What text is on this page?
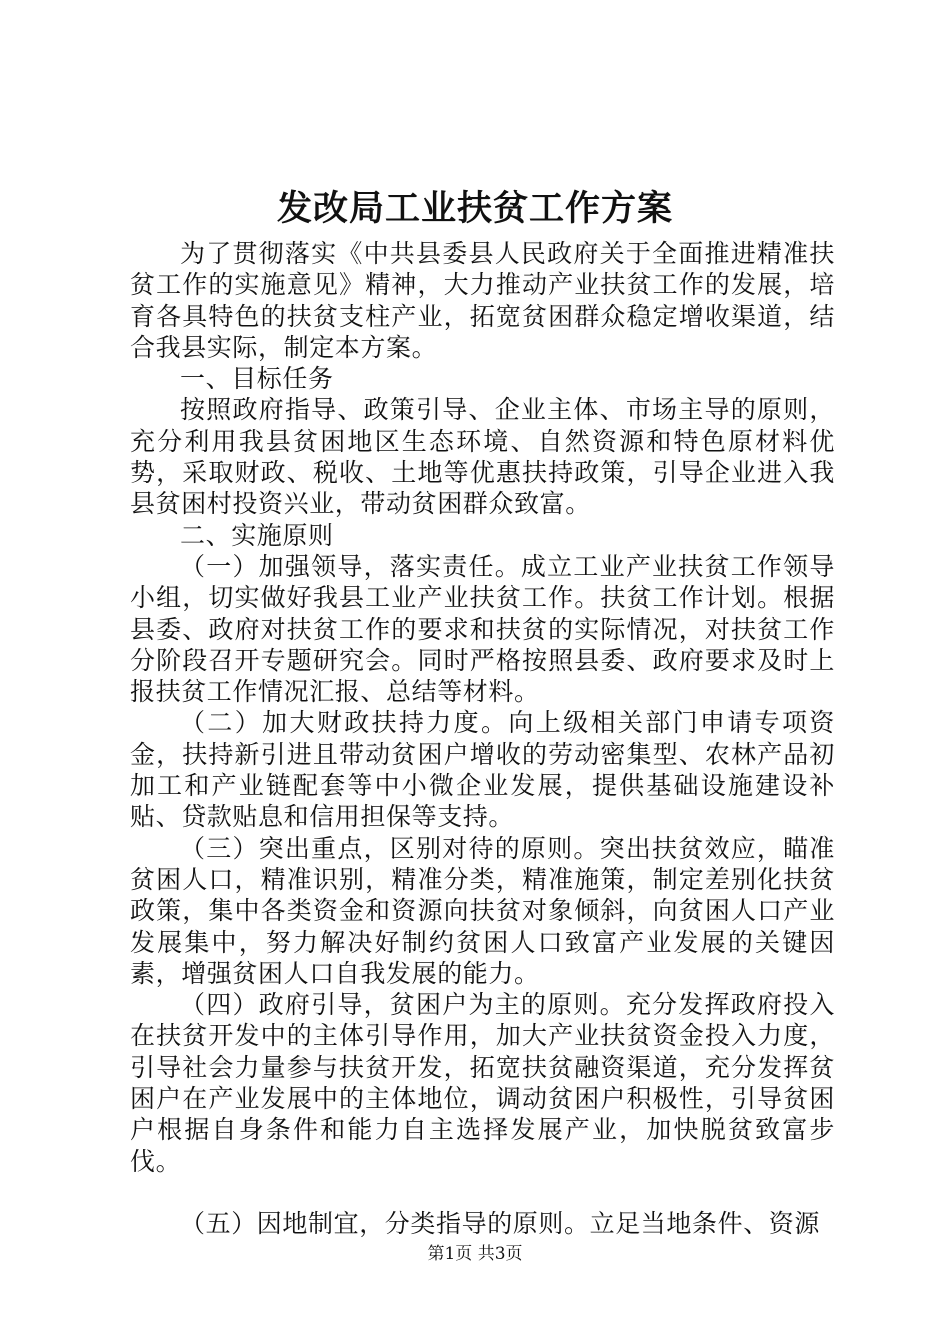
发改局工业扶贫工作方案

为了贯彻落实《中共县委县人民政府关于全面推进精准扶贫工作的实施意见》精神，大力推动产业扶贫工作的发展，培育各具特色的扶贫支柱产业，拓宽贫困群众稳定增收渠道，结合我县实际，制定本方案。

一、目标任务

按照政府指导、政策引导、企业主体、市场主导的原则，充分利用我县贫困地区生态环境、自然资源和特色原材料优势，采取财政、税收、土地等优惠扶持政策，引导企业进入我县贫困村投资兴业，带动贫困群众致富。

二、实施原则

（一）加强领导，落实责任。成立工业产业扶贫工作领导小组，切实做好我县工业产业扶贫工作。扶贫工作计划。根据县委、政府对扶贫工作的要求和扶贫的实际情况，对扶贫工作分阶段召开专题研究会。同时严格按照县委、政府要求及时上报扶贫工作情况汇报、总结等材料。

（二）加大财政扶持力度。向上级相关部门申请专项资金，扶持新引进且带动贫困户增收的劳动密集型、农林产品初加工和产业链配套等中小微企业发展，提供基础设施建设补贴、贷款贴息和信用担保等支持。

（三）突出重点，区别对待的原则。突出扶贫效应，瞄准贫困人口，精准识别，精准分类，精准施策，制定差别化扶贫政策，集中各类资金和资源向扶贫对象倾斜，向贫困人口产业发展集中，努力解决好制约贫困人口致富产业发展的关键因素，增强贫困人口自我发展的能力。

（四）政府引导，贫困户为主的原则。充分发挥政府投入在扶贫开发中的主体引导作用，加大产业扶贫资金投入力度，引导社会力量参与扶贫开发，拓宽扶贫融资渠道，充分发挥贫困户在产业发展中的主体地位，调动贫困户积极性，引导贫困户根据自身条件和能力自主选择发展产业，加快脱贫致富步伐。

（五）因地制宜，分类指导的原则。立足当地条件、资源

第1页 共3页
